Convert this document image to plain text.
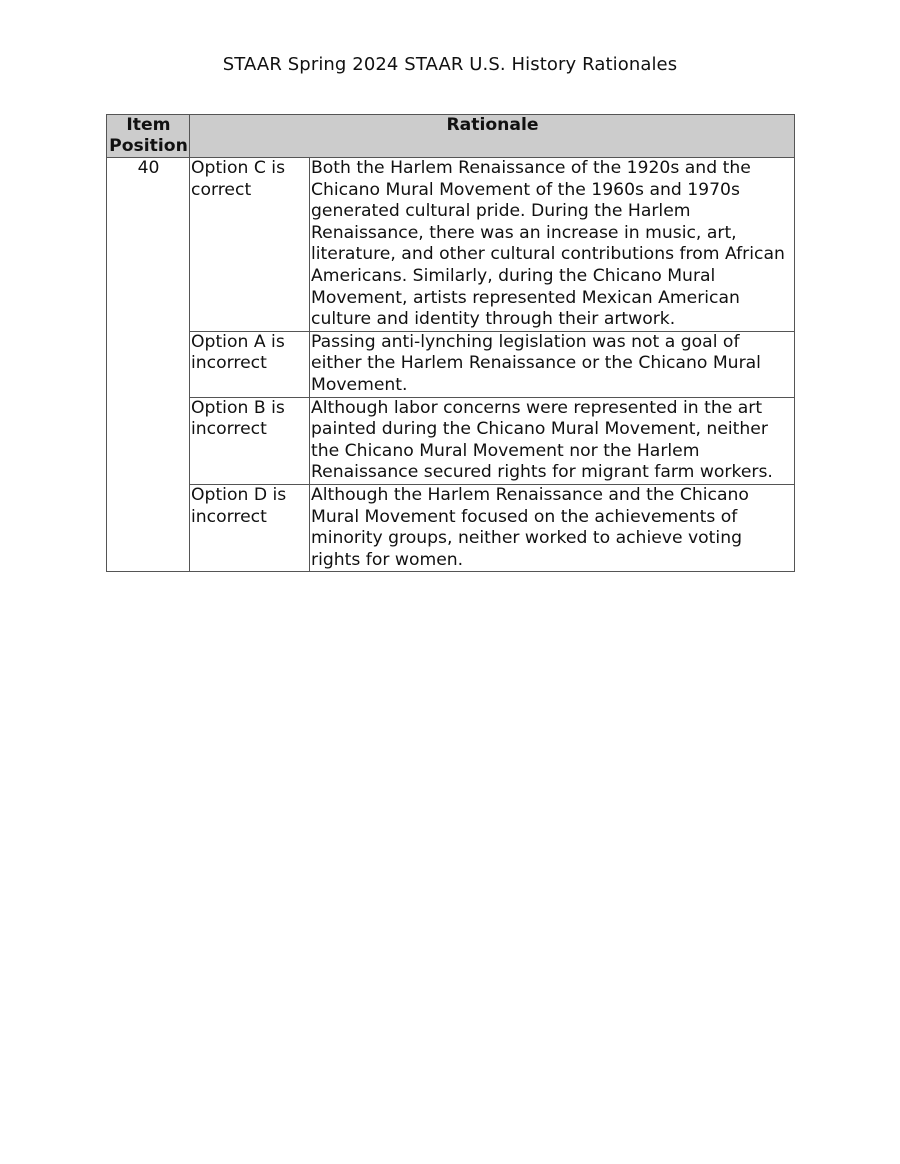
STAAR Spring 2024 STAAR U.S. History Rationales
Item Position	Rationale	
40	Option C is correct	Both the Harlem Renaissance of the 1920s and the Chicano Mural Movement of the 1960s and 1970s generated cultural pride. During the Harlem Renaissance, there was an increase in music, art, literature, and other cultural contributions from African Americans. Similarly, during the Chicano Mural Movement, artists represented Mexican American culture and identity through their artwork.
	Option A is incorrect	Passing anti-lynching legislation was not a goal of either the Harlem Renaissance or the Chicano Mural Movement.
	Option B is incorrect	Although labor concerns were represented in the art painted during the Chicano Mural Movement, neither the Chicano Mural Movement nor the Harlem Renaissance secured rights for migrant farm workers.
	Option D is incorrect	Although the Harlem Renaissance and the Chicano Mural Movement focused on the achievements of minority groups, neither worked to achieve voting rights for women.
